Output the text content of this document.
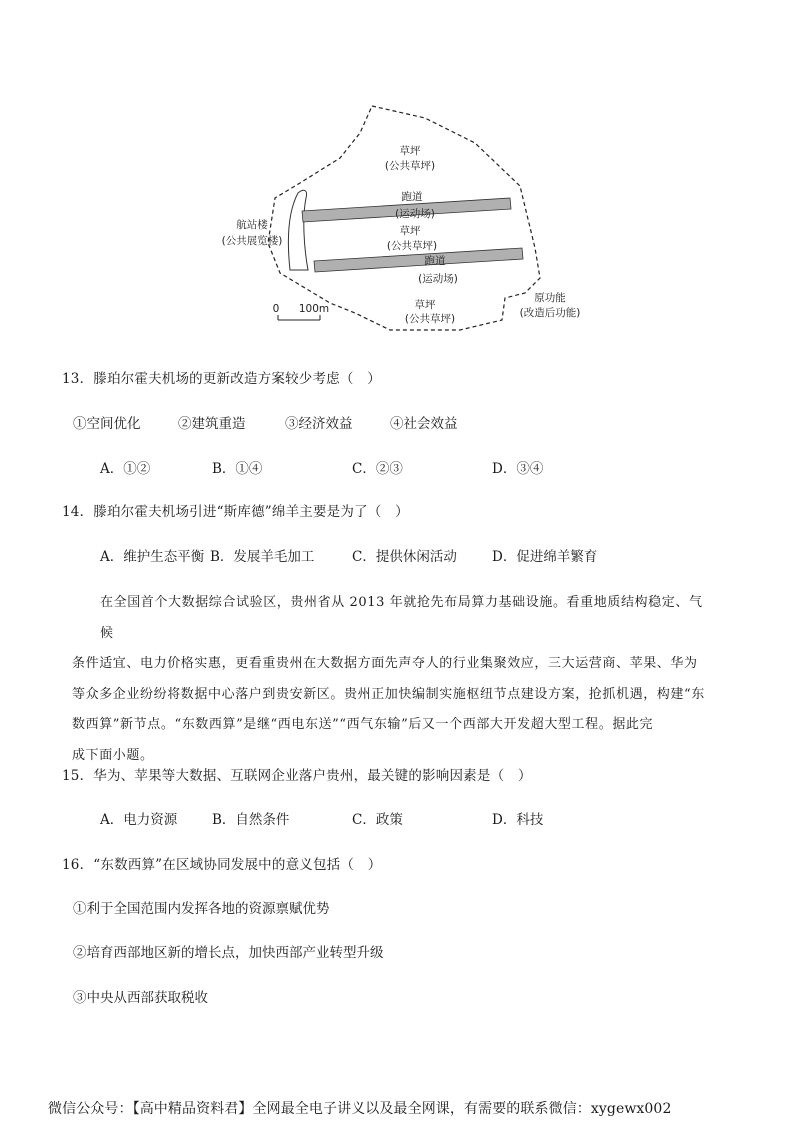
草坪
(公共草坪)
跑道
(运动场)
草坪
(公共草坪)
跑道
(运动场)
草坪
(公共草坪)
航站楼
(公共展览楼)
原功能
(改造后功能)
0 100m
13．滕珀尔霍夫机场的更新改造方案较少考虑（　）
①空间优化	②建筑重造	③经济效益	④社会效益
A．①②	B．①④	C．②③	D．③④
14．滕珀尔霍夫机场引进“斯库德”绵羊主要是为了（　）
A．维护生态平衡 B．发展羊毛加工	C．提供休闲活动	D．促进绵羊繁育

在全国首个大数据综合试验区，贵州省从 2013 年就抢先布局算力基础设施。看重地质结构稳定、气候

条件适宜、电力价格实惠，更看重贵州在大数据方面先声夺人的行业集聚效应，三大运营商、苹果、华为

等众多企业纷纷将数据中心落户到贵安新区。贵州正加快编制实施枢纽节点建设方案，抢抓机遇，构建“东

数西算”新节点。“东数西算”是继“西电东送”“西气东输”后又一个西部大开发超大型工程。据此完

成下面小题。

15．华为、苹果等大数据、互联网企业落户贵州，最关键的影响因素是（　）
A．电力资源	B．自然条件	C．政策	D．科技
16．“东数西算”在区域协同发展中的意义包括（　）
①利于全国范围内发挥各地的资源禀赋优势
②培育西部地区新的增长点，加快西部产业转型升级
③中央从西部获取税收
微信公众号：【高中精品资料君】全网最全电子讲义以及最全网课，有需要的联系微信：xygewx002
